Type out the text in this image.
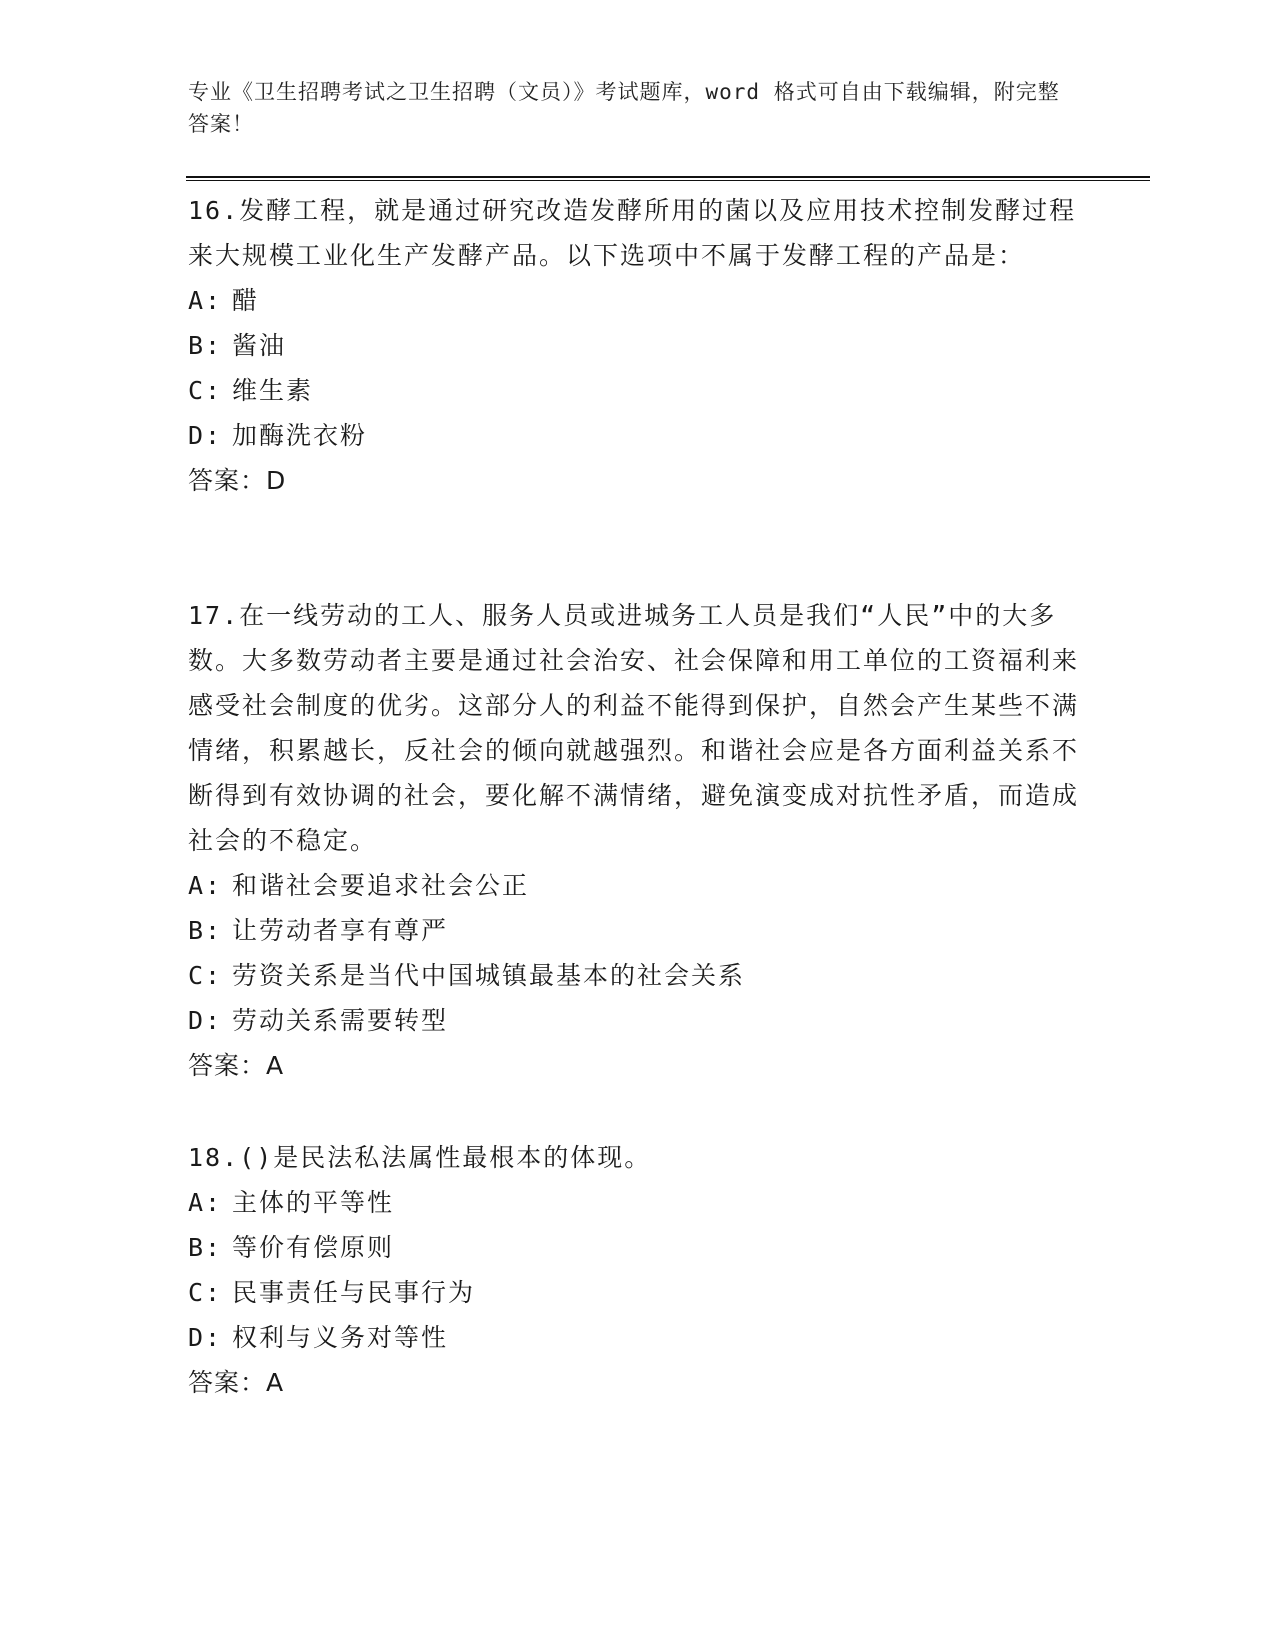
专业《卫生招聘考试之卫生招聘（文员）》考试题库，word 格式可自由下载编辑，附完整答案！

16.发酵工程，就是通过研究改造发酵所用的菌以及应用技术控制发酵过程来大规模工业化生产发酵产品。以下选项中不属于发酵工程的产品是：

A: 醋

B: 酱油

C: 维生素

D: 加酶洗衣粉

答案：D

17.在一线劳动的工人、服务人员或进城务工人员是我们“人民”中的大多数。大多数劳动者主要是通过社会治安、社会保障和用工单位的工资福利来感受社会制度的优劣。这部分人的利益不能得到保护，自然会产生某些不满情绪，积累越长，反社会的倾向就越强烈。和谐社会应是各方面利益关系不断得到有效协调的社会，要化解不满情绪，避免演变成对抗性矛盾，而造成社会的不稳定。

A: 和谐社会要追求社会公正

B: 让劳动者享有尊严

C: 劳资关系是当代中国城镇最基本的社会关系

D: 劳动关系需要转型

答案：A

18.()是民法私法属性最根本的体现。

A: 主体的平等性

B: 等价有偿原则

C: 民事责任与民事行为

D: 权利与义务对等性

答案：A
